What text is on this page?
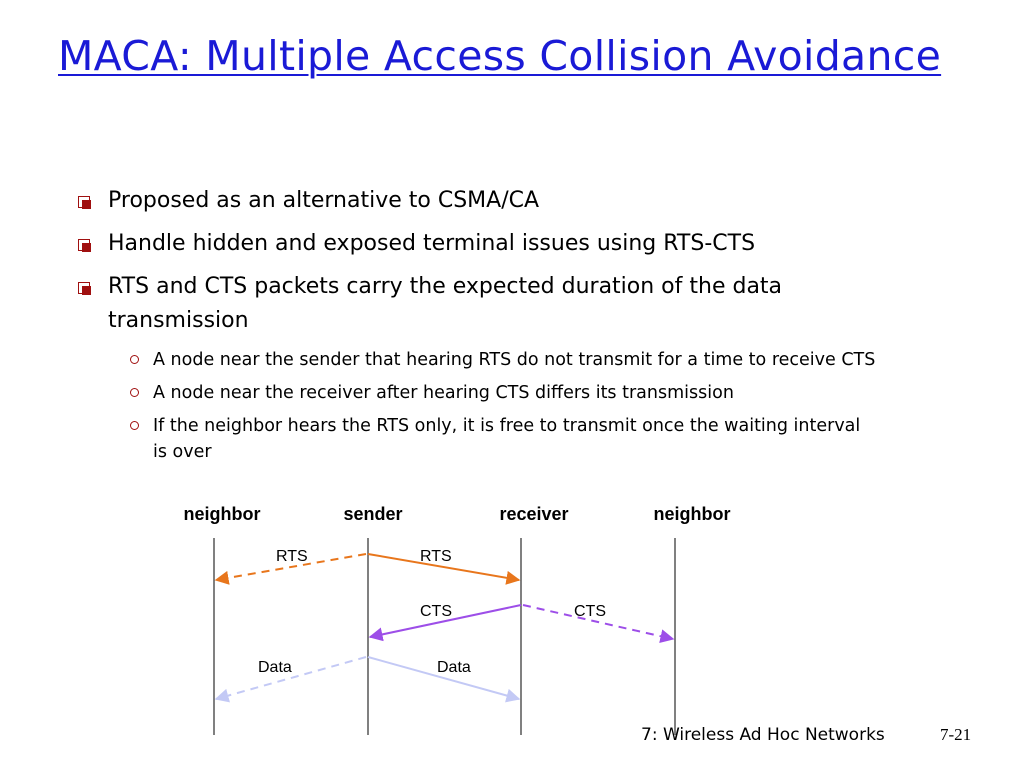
MACA: Multiple Access Collision Avoidance
Proposed as an alternative to CSMA/CA
Handle hidden and exposed terminal issues using RTS-CTS
RTS and CTS packets carry the expected duration of the data transmission
A node near the sender that hearing RTS do not transmit for a time to receive CTS
A node near the receiver after hearing CTS differs its transmission
If the neighbor hears the RTS only, it is free to transmit once the waiting interval is over
neighbor	sender	receiver	neighbor
RTS	RTS
CTS	CTS
Data	Data
7: Wireless Ad Hoc Networks	7-21
